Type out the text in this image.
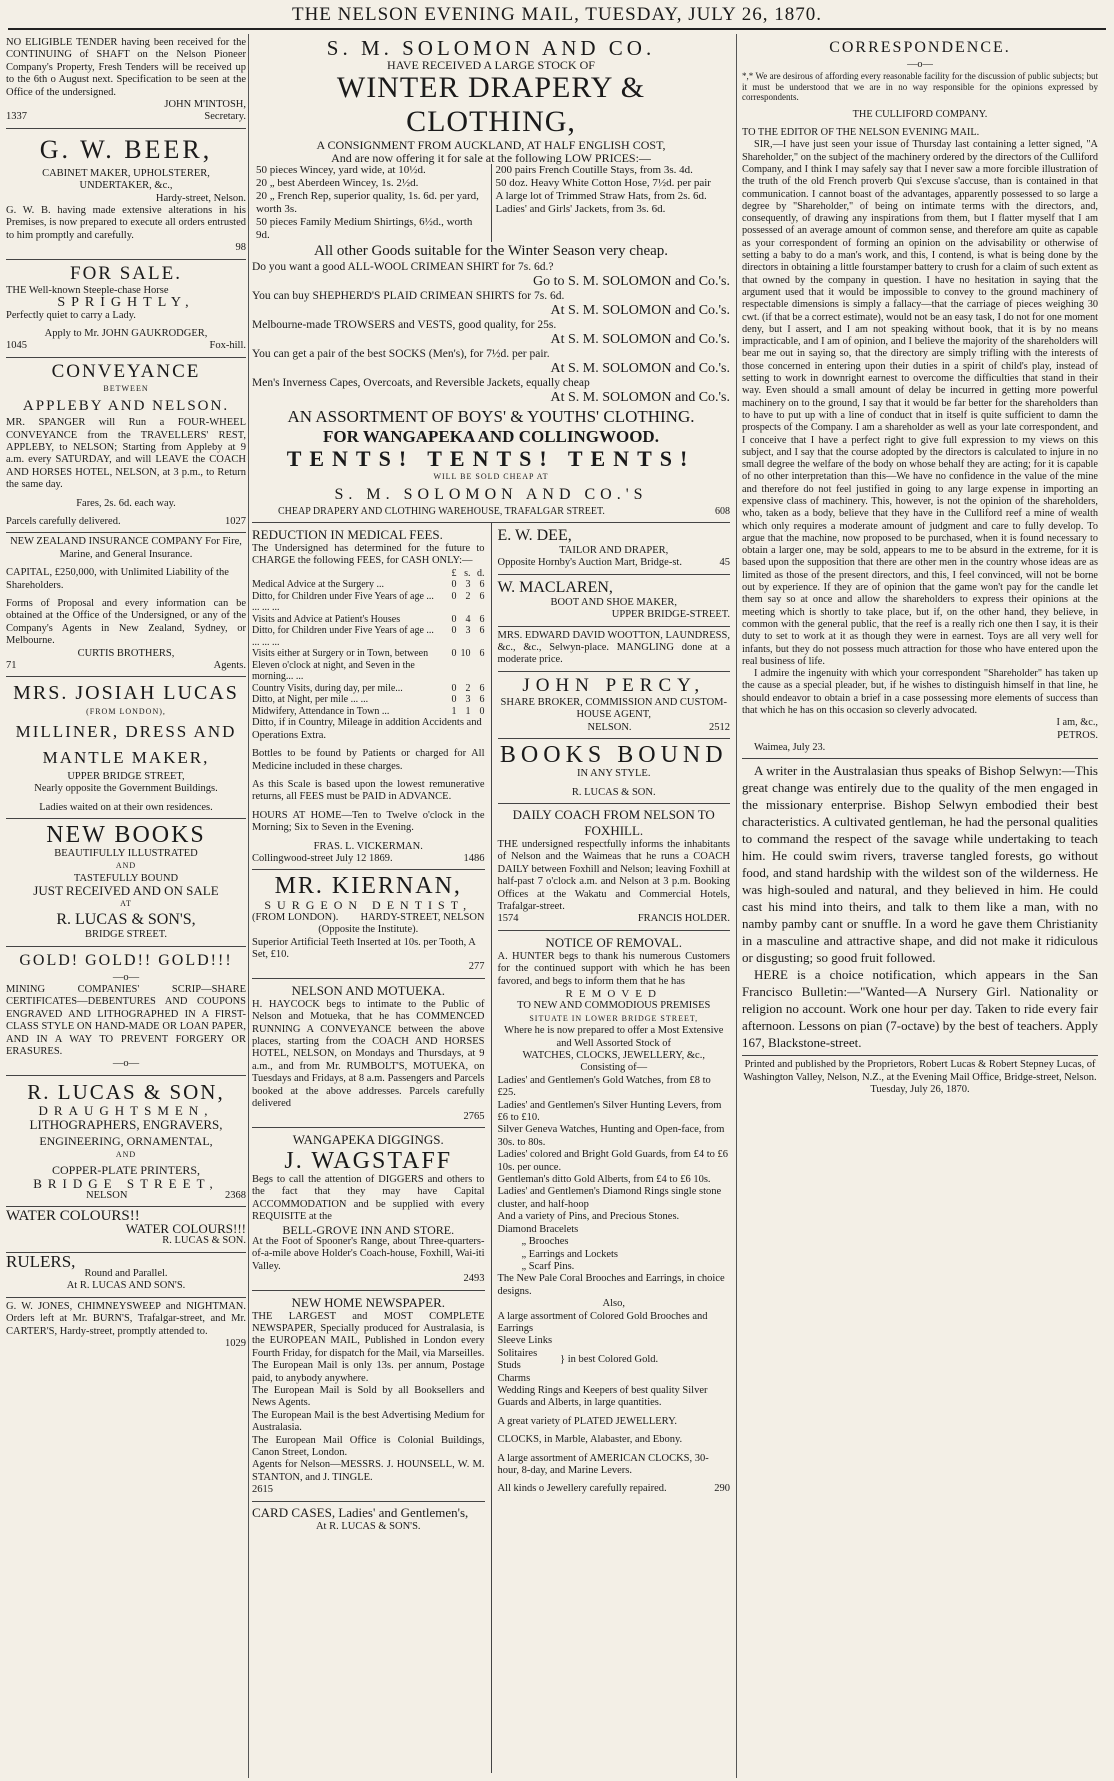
THE NELSON EVENING MAIL, TUESDAY, JULY 26, 1870.
NO ELIGIBLE TENDER having been received for the CONTINUING of SHAFT on the Nelson Pioneer Company's Property, Fresh Tenders will be received up to the 6th o August next. Specification to be seen at the Office of the undersigned.
JOHN M'INTOSH,
1337	Secretary.
G. W. BEER,
CABINET MAKER, UPHOLSTERER, UNDERTAKER, &c.,
Hardy-street, Nelson.
G. W. B. having made extensive alterations in his Premises, is now prepared to execute all orders entrusted to him promptly and carefully.
98
FOR SALE.
THE Well-known Steeple-chase Horse
SPRIGHTLY,
Perfectly quiet to carry a Lady.
Apply to Mr. JOHN GAUKRODGER,
1045	Fox-hill.
CONVEYANCE
BETWEEN
APPLEBY AND NELSON.
MR. SPANGER will Run a FOUR-WHEEL CONVEYANCE from the TRAVELLERS' REST, APPLEBY, to NELSON; Starting from Appleby at 9 a.m. every SATURDAY, and will LEAVE the COACH AND HORSES HOTEL, NELSON, at 3 p.m., to Return the same day.
Fares, 2s. 6d. each way.
Parcels carefully delivered.	1027
NEW ZEALAND INSURANCE COMPANY For Fire, Marine, and General Insurance.
CAPITAL, £250,000, with Unlimited Liability of the Shareholders.
Forms of Proposal and every information can be obtained at the Office of the Undersigned, or any of the Company's Agents in New Zealand, Sydney, or Melbourne.
CURTIS BROTHERS,
71	Agents.
MRS. JOSIAH LUCAS
(FROM LONDON),
MILLINER, DRESS AND MANTLE MAKER,
UPPER BRIDGE STREET,
Nearly opposite the Government Buildings.
Ladies waited on at their own residences.
NEW BOOKS
BEAUTIFULLY ILLUSTRATED
AND
TASTEFULLY BOUND
JUST RECEIVED AND ON SALE
AT
R. LUCAS & SON'S,
BRIDGE STREET.
GOLD! GOLD!! GOLD!!!
—o—
MINING COMPANIES' SCRIP—SHARE CERTIFICATES—DEBENTURES AND COUPONS ENGRAVED AND LITHOGRAPHED IN A FIRST-CLASS STYLE ON HAND-MADE OR LOAN PAPER, AND IN A WAY TO PREVENT FORGERY OR ERASURES.
—o—
R. LUCAS & SON,
DRAUGHTSMEN,
LITHOGRAPHERS, ENGRAVERS,
ENGINEERING, ORNAMENTAL,
AND
COPPER-PLATE PRINTERS,
BRIDGE STREET,
NELSON	2368
WATER COLOURS!!
WATER COLOURS!!!
R. LUCAS & SON.
RULERS,
Round and Parallel.
At R. LUCAS AND SON'S.
G. W. JONES, CHIMNEYSWEEP and NIGHTMAN. Orders left at Mr. BURN'S, Trafalgar-street, and Mr. CARTER'S, Hardy-street, promptly attended to.
1029
S. M. SOLOMON AND CO.
HAVE RECEIVED A LARGE STOCK OF
WINTER DRAPERY & CLOTHING,
A CONSIGNMENT FROM AUCKLAND, AT HALF ENGLISH COST,
And are now offering it for sale at the following LOW PRICES:—
50 pieces Wincey, yard wide, at 10½d.
20 „ best Aberdeen Wincey, 1s. 2½d.
20 „ French Rep, superior quality, 1s. 6d. per yard, worth 3s.
50 pieces Family Medium Shirtings, 6½d., worth 9d.
200 pairs French Coutille Stays, from 3s. 4d.
50 doz. Heavy White Cotton Hose, 7½d. per pair
A large lot of Trimmed Straw Hats, from 2s. 6d.
Ladies' and Girls' Jackets, from 3s. 6d.
All other Goods suitable for the Winter Season very cheap.
Do you want a good ALL-WOOL CRIMEAN SHIRT for 7s. 6d.?
Go to S. M. SOLOMON and Co.'s.
You can buy SHEPHERD'S PLAID CRIMEAN SHIRTS for 7s. 6d.
At S. M. SOLOMON and Co.'s.
Melbourne-made TROWSERS and VESTS, good quality, for 25s.
At S. M. SOLOMON and Co.'s.
You can get a pair of the best SOCKS (Men's), for 7½d. per pair.
At S. M. SOLOMON and Co.'s.
Men's Inverness Capes, Overcoats, and Reversible Jackets, equally cheap
At S. M. SOLOMON and Co.'s.
AN ASSORTMENT OF BOYS' & YOUTHS' CLOTHING.
FOR WANGAPEKA AND COLLINGWOOD.
TENTS! TENTS! TENTS!
WILL BE SOLD CHEAP AT
S. M. SOLOMON AND CO.'S
CHEAP DRAPERY AND CLOTHING WAREHOUSE, TRAFALGAR STREET.	608
REDUCTION IN MEDICAL FEES.
The Undersigned has determined for the future to CHARGE the following FEES, for CASH ONLY:—
	£	s.	d.
Medical Advice at the Surgery ...	0	3	6
Ditto, for Children under Five Years of age ... ... ... ...	0	2	6
Visits and Advice at Patient's Houses	0	4	6
Ditto, for Children under Five Years of age ... ... ... ...	0	3	6
Visits either at Surgery or in Town, between Eleven o'clock at night, and Seven in the morning... ...	0	10	6
Country Visits, during day, per mile...	0	2	6
Ditto, at Night, per mile ... ...	0	3	6
Midwifery, Attendance in Town ...	1	1	0
Ditto, if in Country, Mileage in addition Accidents and Operations Extra.
Bottles to be found by Patients or charged for All Medicine included in these charges.
As this Scale is based upon the lowest remunerative returns, all FEES must be PAID in ADVANCE.
HOURS AT HOME—Ten to Twelve o'clock in the Morning; Six to Seven in the Evening.
FRAS. L. VICKERMAN.
Collingwood-street July 12 1869.	1486
MR. KIERNAN,
SURGEON DENTIST,
(FROM LONDON). HARDY-STREET, NELSON
(Opposite the Institute).
Superior Artificial Teeth Inserted at 10s. per Tooth, A Set, £10.
277
NELSON AND MOTUEKA.
H. HAYCOCK begs to intimate to the Public of Nelson and Motueka, that he has COMMENCED RUNNING A CONVEYANCE between the above places, starting from the COACH AND HORSES HOTEL, NELSON, on Mondays and Thursdays, at 9 a.m., and from Mr. RUMBOLT'S, MOTUEKA, on Tuesdays and Fridays, at 8 a.m. Passengers and Parcels booked at the above addresses. Parcels carefully delivered
2765
WANGAPEKA DIGGINGS.
J. WAGSTAFF
Begs to call the attention of DIGGERS and others to the fact that they may have Capital ACCOMMODATION and be supplied with every REQUISITE at the
BELL-GROVE INN AND STORE.
At the Foot of Spooner's Range, about Three-quarters-of-a-mile above Holder's Coach-house, Foxhill, Wai-iti Valley.
2493
NEW HOME NEWSPAPER.
THE LARGEST and MOST COMPLETE NEWSPAPER, Specially produced for Australasia, is the EUROPEAN MAIL, Published in London every Fourth Friday, for dispatch for the Mail, via Marseilles.
The European Mail is only 13s. per annum, Postage paid, to anybody anywhere.
The European Mail is Sold by all Booksellers and News Agents.
The European Mail is the best Advertising Medium for Australasia.
The European Mail Office is Colonial Buildings, Canon Street, London.
Agents for Nelson—MESSRS. J. HOUNSELL, W. M. STANTON, and J. TINGLE.
2615
CARD CASES, Ladies' and Gentlemen's,
At R. LUCAS & SON'S.
E. W. DEE,
TAILOR AND DRAPER,
Opposite Hornby's Auction Mart, Bridge-st.	45
W. MACLAREN,
BOOT AND SHOE MAKER,
UPPER BRIDGE-STREET.
MRS. EDWARD DAVID WOOTTON, LAUNDRESS, &c., &c., Selwyn-place. MANGLING done at a moderate price.
JOHN PERCY,
SHARE BROKER, COMMISSION AND CUSTOM-HOUSE AGENT,
NELSON.	2512
BOOKS BOUND
IN ANY STYLE.
R. LUCAS & SON.
DAILY COACH FROM NELSON TO FOXHILL.
THE undersigned respectfully informs the inhabitants of Nelson and the Waimeas that he runs a COACH DAILY between Foxhill and Nelson; leaving Foxhill at half-past 7 o'clock a.m. and Nelson at 3 p.m. Booking Offices at the Wakatu and Commercial Hotels, Trafalgar-street.
1574	FRANCIS HOLDER.
NOTICE OF REMOVAL.
A. HUNTER begs to thank his numerous Customers for the continued support with which he has been favored, and begs to inform them that he has
REMOVED
TO NEW AND COMMODIOUS PREMISES
SITUATE IN LOWER BRIDGE STREET,
Where he is now prepared to offer a Most Extensive and Well Assorted Stock of
WATCHES, CLOCKS, JEWELLERY, &c.,
Consisting of—
Ladies' and Gentlemen's Gold Watches, from £8 to £25.
Ladies' and Gentlemen's Silver Hunting Levers, from £6 to £10.
Silver Geneva Watches, Hunting and Open-face, from 30s. to 80s.
Ladies' colored and Bright Gold Guards, from £4 to £6 10s. per ounce.
Gentleman's ditto Gold Alberts, from £4 to £6 10s.
Ladies' and Gentlemen's Diamond Rings single stone cluster, and half-hoop
And a variety of Pins, and Precious Stones.
Diamond Bracelets
„ Brooches
„ Earrings and Lockets
„ Scarf Pins.
The New Pale Coral Brooches and Earrings, in choice designs.
Also,
A large assortment of Colored Gold Brooches and Earrings
Sleeve Links
Solitaires
Studs
Charms
} in best Colored Gold.
Wedding Rings and Keepers of best quality Silver Guards and Alberts, in large quantities.
A great variety of PLATED JEWELLERY.
CLOCKS, in Marble, Alabaster, and Ebony.
A large assortment of AMERICAN CLOCKS, 30-hour, 8-day, and Marine Levers.
All kinds o Jewellery carefully repaired.	290
CORRESPONDENCE.
—o—
*,* We are desirous of affording every reasonable facility for the discussion of public subjects; but it must be understood that we are in no way responsible for the opinions expressed by correspondents.
THE CULLIFORD COMPANY.
TO THE EDITOR OF THE NELSON EVENING MAIL.

SIR,—I have just seen your issue of Thursday last containing a letter signed, "A Shareholder," on the subject of the machinery ordered by the directors of the Culliford Company, and I think I may safely say that I never saw a more forcible illustration of the truth of the old French proverb Qui s'excuse s'accuse, than is contained in that communication. I cannot boast of the advantages, apparently possessed to so large a degree by "Shareholder," of being on intimate terms with the directors, and, consequently, of drawing any inspirations from them, but I flatter myself that I am possessed of an average amount of common sense, and therefore am quite as capable as your correspondent of forming an opinion on the advisability or otherwise of setting a baby to do a man's work, and this, I contend, is what is being done by the directors in obtaining a little fourstamper battery to crush for a claim of such extent as that owned by the company in question. I have no hesitation in saying that the argument used that it would be impossible to convey to the ground machinery of respectable dimensions is simply a fallacy—that the carriage of pieces weighing 30 cwt. (if that be a correct estimate), would not be an easy task, I do not for one moment deny, but I assert, and I am not speaking without book, that it is by no means impracticable, and I am of opinion, and I believe the majority of the shareholders will bear me out in saying so, that the directory are simply trifling with the interests of those concerned in entering upon their duties in a spirit of child's play, instead of setting to work in downright earnest to overcome the difficulties that stand in their way. Even should a small amount of delay be incurred in getting more powerful machinery on to the ground, I say that it would be far better for the shareholders than to have to put up with a line of conduct that in itself is quite sufficient to damn the prospects of the Company. I am a shareholder as well as your late correspondent, and I conceive that I have a perfect right to give full expression to my views on this subject, and I say that the course adopted by the directors is calculated to injure in no small degree the welfare of the body on whose behalf they are acting; for it is capable of no other interpretation than this—We have no confidence in the value of the mine and therefore do not feel justified in going to any large expense in importing an expensive class of machinery. This, however, is not the opinion of the shareholders, who, taken as a body, believe that they have in the Culliford reef a mine of wealth which only requires a moderate amount of judgment and care to fully develop. To argue that the machine, now proposed to be purchased, when it is found necessary to obtain a larger one, may be sold, appears to me to be absurd in the extreme, for it is based upon the supposition that there are other men in the country whose ideas are as limited as those of the present directors, and this, I feel convinced, will not be borne out by experience. If they are of opinion that the game won't pay for the candle let them say so at once and allow the shareholders to express their opinions at the meeting which is shortly to take place, but if, on the other hand, they believe, in common with the general public, that the reef is a really rich one then I say, it is their duty to set to work at it as though they were in earnest. Toys are all very well for infants, but they do not possess much attraction for those who have entered upon the real business of life.

I admire the ingenuity with which your correspondent "Shareholder" has taken up the cause as a special pleader, but, if he wishes to distinguish himself in that line, he should endeavor to obtain a brief in a case possessing more elements of success than that which he has on this occasion so cleverly advocated.

I am, &c.,
PETROS.
Waimea, July 23.

A writer in the Australasian thus speaks of Bishop Selwyn:—This great change was entirely due to the quality of the men engaged in the missionary enterprise. Bishop Selwyn embodied their best characteristics. A cultivated gentleman, he had the personal qualities to command the respect of the savage while undertaking to teach him. He could swim rivers, traverse tangled forests, go without food, and stand hardship with the wildest son of the wilderness. He was high-souled and natural, and they believed in him. He could cast his mind into theirs, and talk to them like a man, with no namby pamby cant or snuffle. In a word he gave them Christianity in a masculine and attractive shape, and did not make it ridiculous or disgusting; so good fruit followed.

HERE is a choice notification, which appears in the San Francisco Bulletin:—"Wanted—A Nursery Girl. Nationality or religion no account. Work one hour per day. Taken to ride every fair afternoon. Lessons on pian (7-octave) by the best of teachers. Apply 167, Blackstone-street.

Printed and published by the Proprietors, Robert Lucas & Robert Stepney Lucas, of Washington Valley, Nelson, N.Z., at the Evening Mail Office, Bridge-street, Nelson. Tuesday, July 26, 1870.
